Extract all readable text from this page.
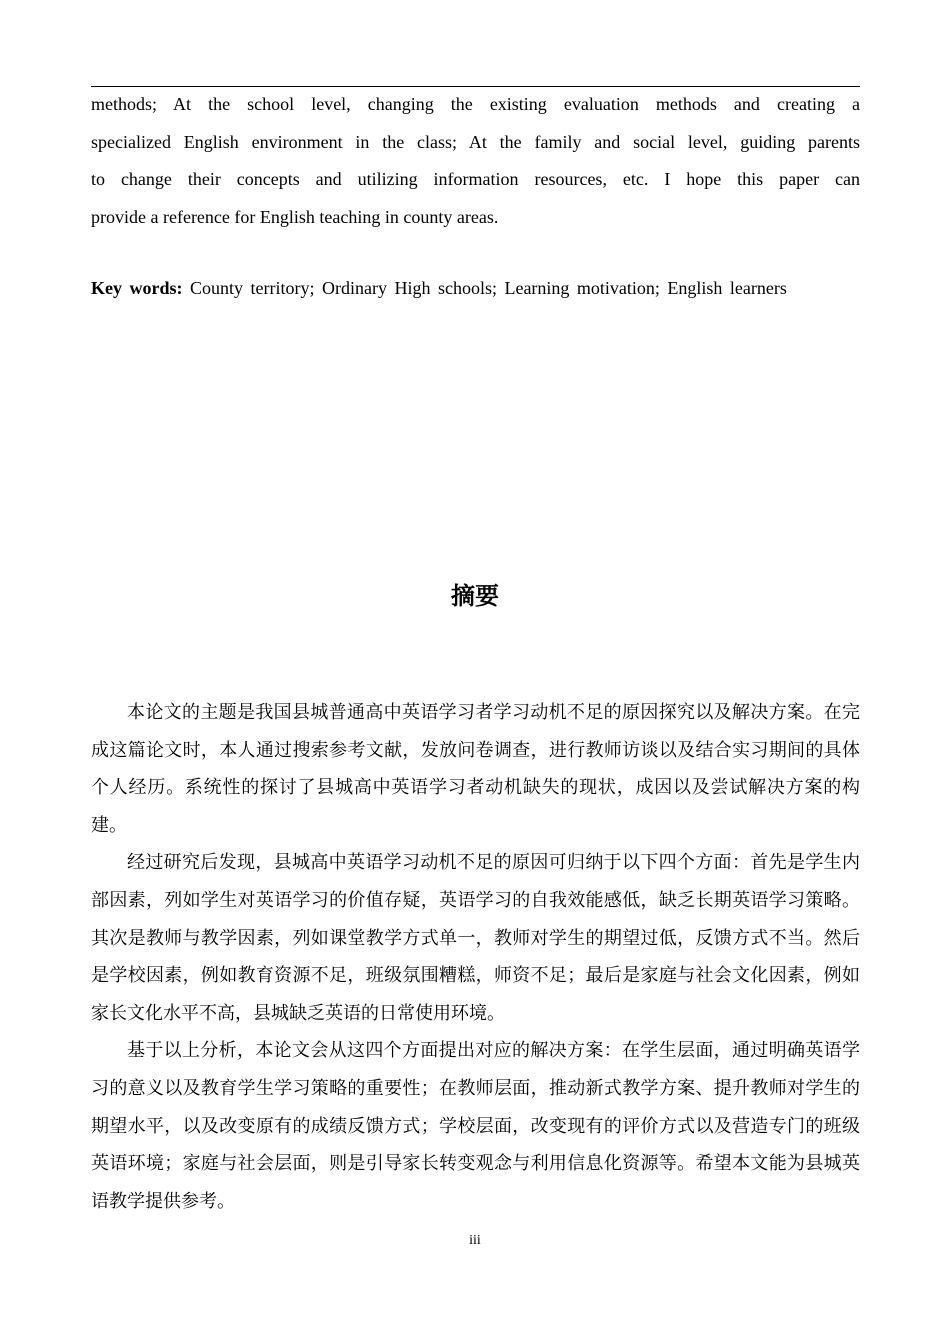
methods; At the school level, changing the existing evaluation methods and creating a

specialized English environment in the class; At the family and social level, guiding parents

to change their concepts and utilizing information resources, etc. I hope this paper can

provide a reference for English teaching in county areas.

Key words: County territory; Ordinary High schools; Learning motivation; English learners
摘要

本论文的主题是我国县城普通高中英语学习者学习动机不足的原因探究以及解决方案。在完成这篇论文时，本人通过搜索参考文献，发放问卷调查，进行教师访谈以及结合实习期间的具体个人经历。系统性的探讨了县城高中英语学习者动机缺失的现状，成因以及尝试解决方案的构建。

经过研究后发现，县城高中英语学习动机不足的原因可归纳于以下四个方面：首先是学生内部因素，列如学生对英语学习的价值存疑，英语学习的自我效能感低，缺乏长期英语学习策略。其次是教师与教学因素，列如课堂教学方式单一，教师对学生的期望过低，反馈方式不当。然后是学校因素，例如教育资源不足，班级氛围糟糕，师资不足；最后是家庭与社会文化因素，例如家长文化水平不高，县城缺乏英语的日常使用环境。

基于以上分析，本论文会从这四个方面提出对应的解决方案：在学生层面，通过明确英语学习的意义以及教育学生学习策略的重要性；在教师层面，推动新式教学方案、提升教师对学生的期望水平，以及改变原有的成绩反馈方式；学校层面，改变现有的评价方式以及营造专门的班级英语环境；家庭与社会层面，则是引导家长转变观念与利用信息化资源等。希望本文能为县城英语教学提供参考。

iii
